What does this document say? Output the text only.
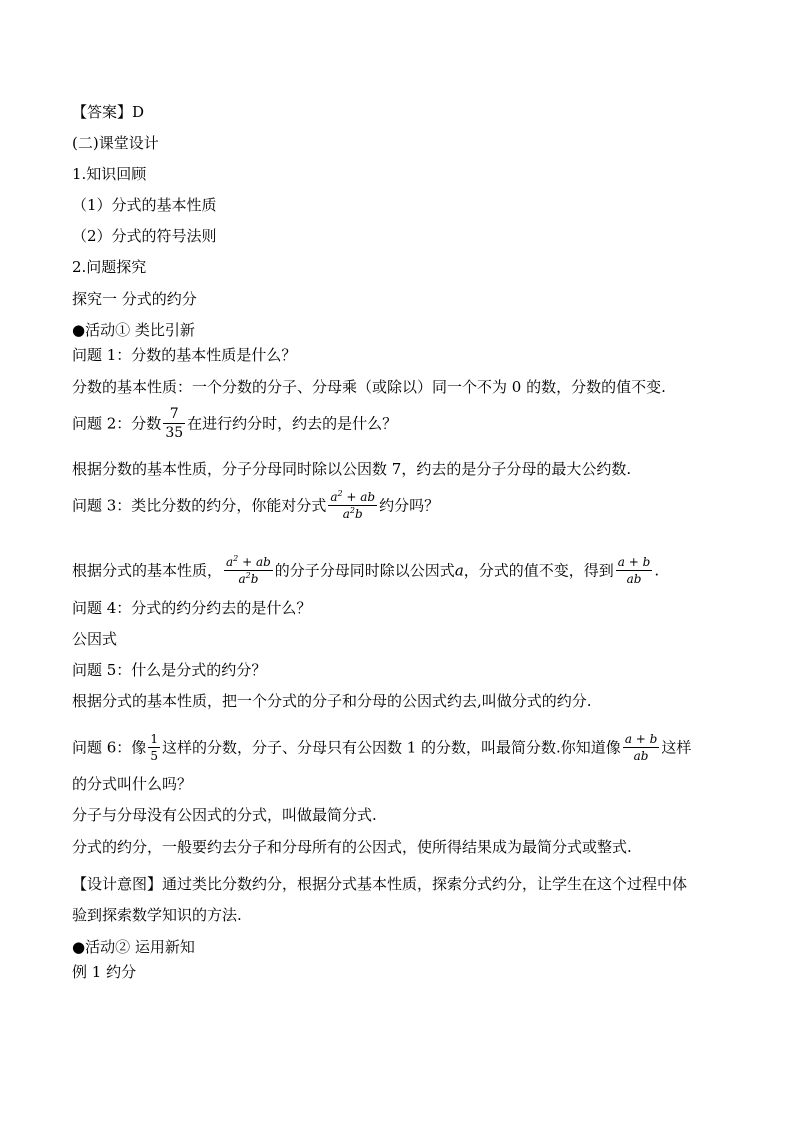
【答案】D
(二)课堂设计
1.知识回顾
（1）分式的基本性质
（2）分式的符号法则
2.问题探究
探究一 分式的约分
●活动① 类比引新
问题 1：分数的基本性质是什么？
分数的基本性质：一个分数的分子、分母乘（或除以）同一个不为 0 的数，分数的值不变.
问题 2：分数 $\frac{7}{35}$ 在进行约分时，约去的是什么？
根据分数的基本性质，分子分母同时除以公因数 7，约去的是分子分母的最大公约数.
问题 3：类比分数的约分，你能对分式 $\frac{a^2 + ab}{a^2b}$ 约分吗？
根据分式的基本性质， $\frac{a^2 + ab}{a^2b}$ 的分子分母同时除以公因式a，分式的值不变，得到 $\frac{a + b}{ab}$ .
问题 4：分式的约分约去的是什么？
公因式
问题 5：什么是分式的约分？
根据分式的基本性质，把一个分式的分子和分母的公因式约去,叫做分式的约分.
问题 6：像 $\frac{1}{5}$ 这样的分数，分子、分母只有公因数 1 的分数，叫最简分数.你知道像 $\frac{a + b}{ab}$ 这样
的分式叫什么吗？
分子与分母没有公因式的分式，叫做最简分式.
分式的约分，一般要约去分子和分母所有的公因式，使所得结果成为最简分式或整式.
【设计意图】通过类比分数约分，根据分式基本性质，探索分式约分，让学生在这个过程中体
验到探索数学知识的方法.
●活动② 运用新知
例 1 约分
